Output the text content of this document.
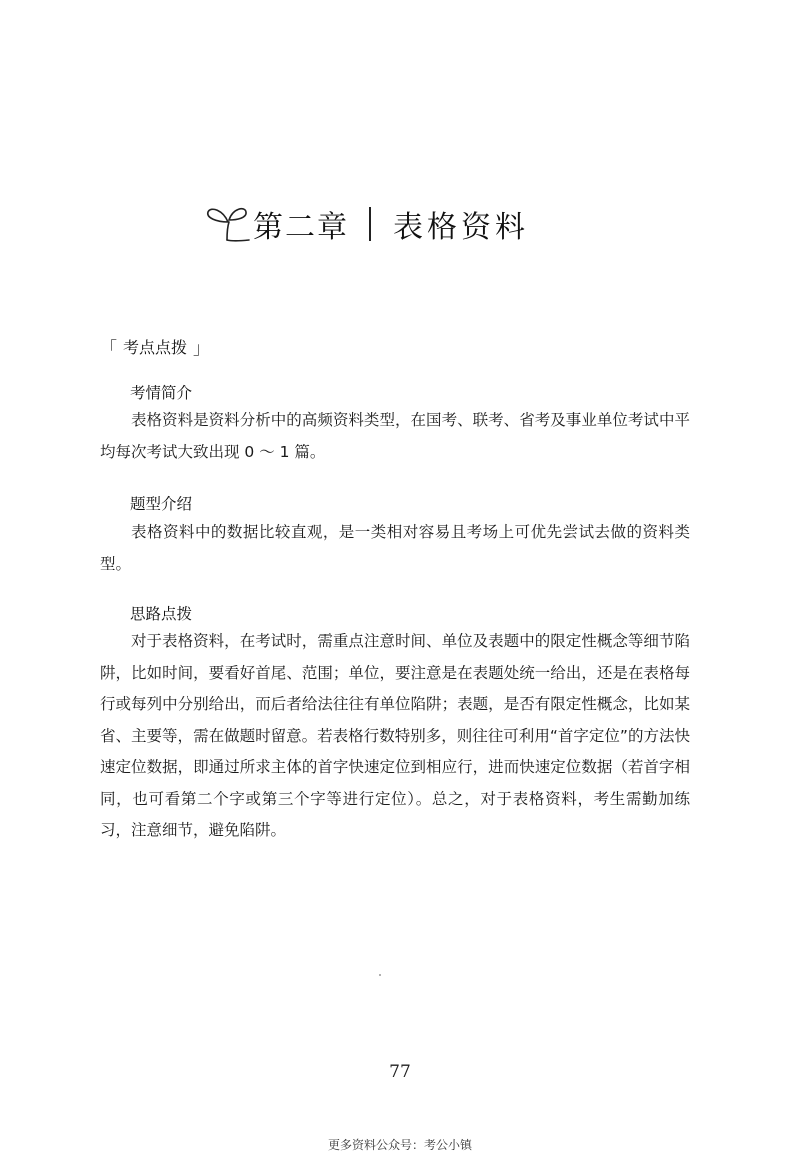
第二章 表格资料
「 考点点拨 」
考情简介

表格资料是资料分析中的高频资料类型，在国考、联考、省考及事业单位考试中平均每次考试大致出现 0 ～ 1 篇。

题型介绍

表格资料中的数据比较直观，是一类相对容易且考场上可优先尝试去做的资料类型。

思路点拨

对于表格资料，在考试时，需重点注意时间、单位及表题中的限定性概念等细节陷阱，比如时间，要看好首尾、范围；单位，要注意是在表题处统一给出，还是在表格每行或每列中分别给出，而后者给法往往有单位陷阱；表题，是否有限定性概念，比如某省、主要等，需在做题时留意。若表格行数特别多，则往往可利用“首字定位”的方法快速定位数据，即通过所求主体的首字快速定位到相应行，进而快速定位数据（若首字相同，也可看第二个字或第三个字等进行定位）。总之，对于表格资料，考生需勤加练习，注意细节，避免陷阱。

77
更多资料公众号：考公小镇
